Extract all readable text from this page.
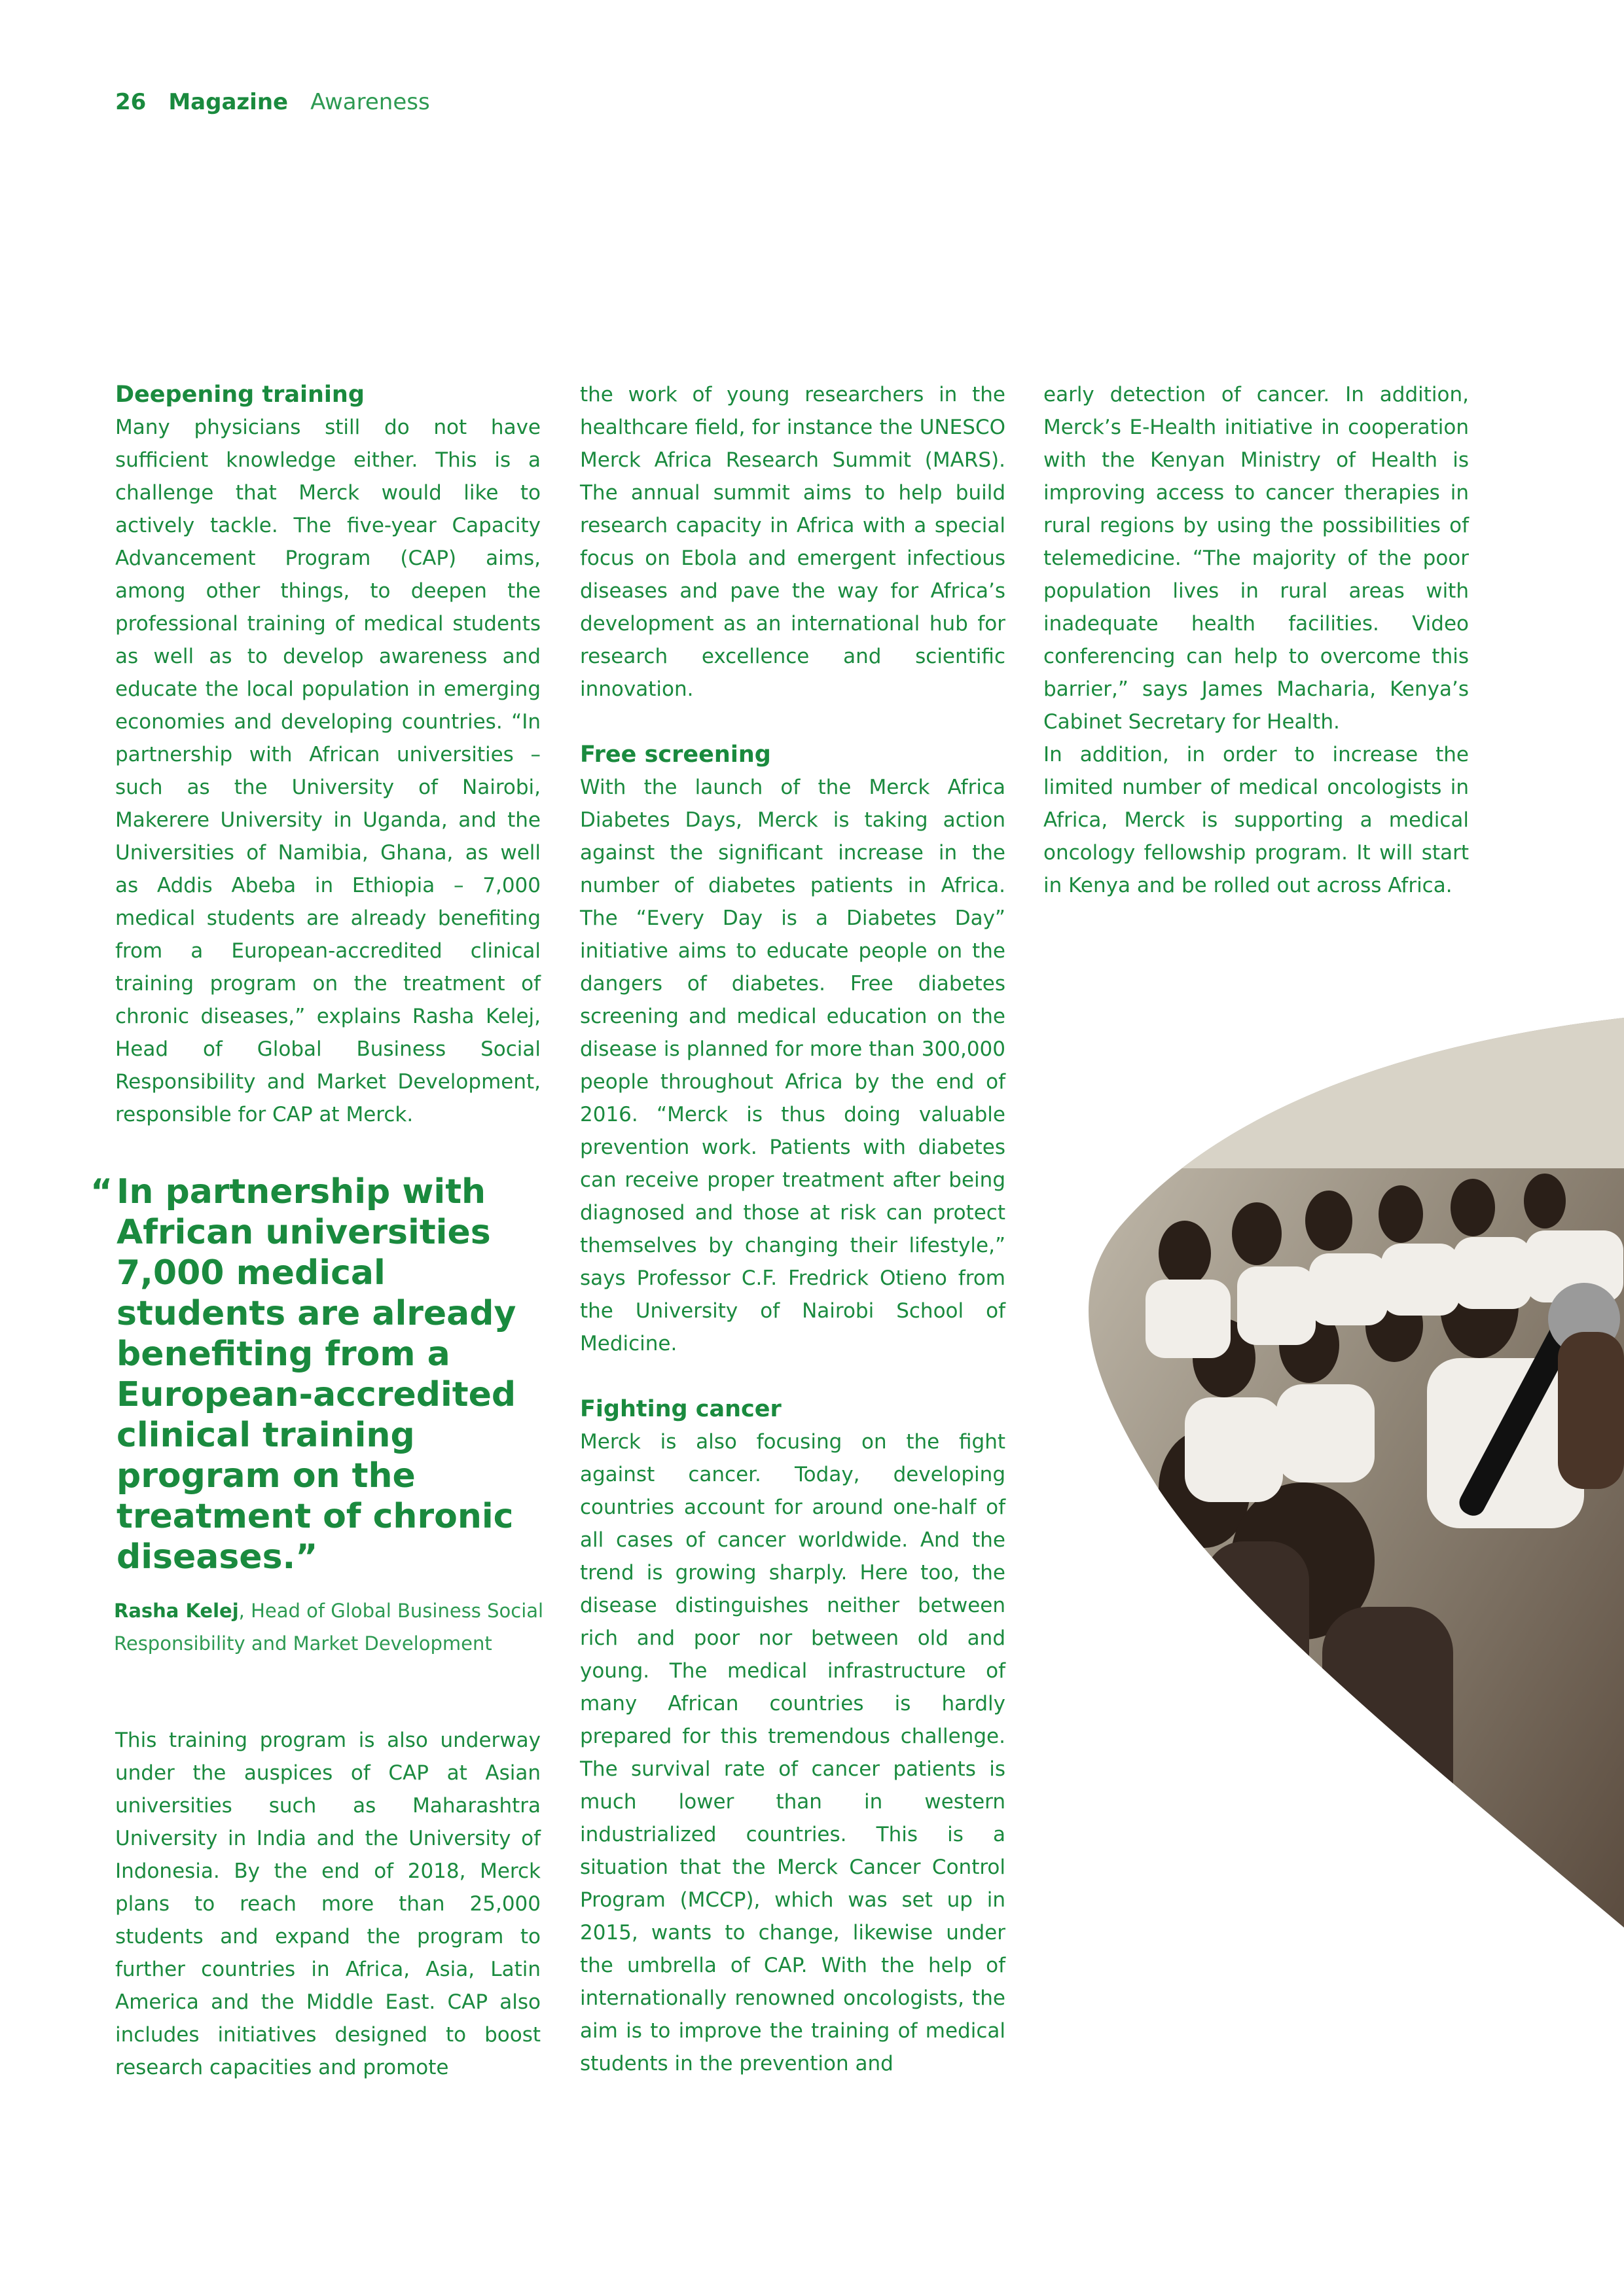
26 Magazine Awareness
Deepening training

Many physicians still do not have sufficient knowledge either. This is a challenge that Merck would like to actively tackle. The five-year Capacity Advancement Program (CAP) aims, among other things, to deepen the professional training of medical students as well as to develop awareness and educate the local population in emerging economies and developing countries. “In partnership with African universities – such as the University of Nairobi, Makerere University in Uganda, and the Universities of Namibia, Ghana, as well as Addis Abeba in Ethiopia – 7,000 medical students are already benefiting from a European-accredited clinical training program on the treatment of chronic diseases,” explains Rasha Kelej, Head of Global Business Social Responsibility and Market Development, responsible for CAP at Merck.

“ In partnership with African universities 7,000 medical students are already benefiting from a European-accredited clinical training program on the treatment of chronic diseases.”
Rasha Kelej, Head of Global Business Social Responsibility and Market Development

This training program is also underway under the auspices of CAP at Asian universities such as Maharashtra University in India and the University of Indonesia. By the end of 2018, Merck plans to reach more than 25,000 students and expand the program to further countries in Africa, Asia, Latin America and the Middle East. CAP also includes initiatives designed to boost research capacities and promote

the work of young researchers in the healthcare field, for instance the UNESCO Merck Africa Research Summit (MARS). The annual summit aims to help build research capacity in Africa with a special focus on Ebola and emergent infectious diseases and pave the way for Africa’s development as an international hub for research excellence and scientific innovation.

Free screening

With the launch of the Merck Africa Diabetes Days, Merck is taking action against the significant increase in the number of diabetes patients in Africa. The “Every Day is a Diabetes Day” initiative aims to educate people on the dangers of diabetes. Free diabetes screening and medical education on the disease is planned for more than 300,000 people throughout Africa by the end of 2016. “Merck is thus doing valuable prevention work. Patients with diabetes can receive proper treatment after being diagnosed and those at risk can protect themselves by changing their lifestyle,” says Professor C.F. Fredrick Otieno from the University of Nairobi School of Medicine.

Fighting cancer

Merck is also focusing on the fight against cancer. Today, developing countries account for around one-half of all cases of cancer worldwide. And the trend is growing sharply. Here too, the disease distinguishes neither between rich and poor nor between old and young. The medical infrastructure of many African countries is hardly prepared for this tremendous challenge. The survival rate of cancer patients is much lower than in western industrialized countries. This is a situation that the Merck Cancer Control Program (MCCP), which was set up in 2015, wants to change, likewise under the umbrella of CAP. With the help of internationally renowned oncologists, the aim is to improve the training of medical students in the prevention and

early detection of cancer. In addition, Merck’s E-Health initiative in cooperation with the Kenyan Ministry of Health is improving access to cancer therapies in rural regions by using the possibilities of telemedicine. “The majority of the poor population lives in rural areas with inadequate health facilities. Video conferencing can help to overcome this barrier,” says James Macharia, Kenya’s Cabinet Secretary for Health.

In addition, in order to increase the limited number of medical oncologists in Africa, Merck is supporting a medical oncology fellowship program. It will start in Kenya and be rolled out across Africa.
